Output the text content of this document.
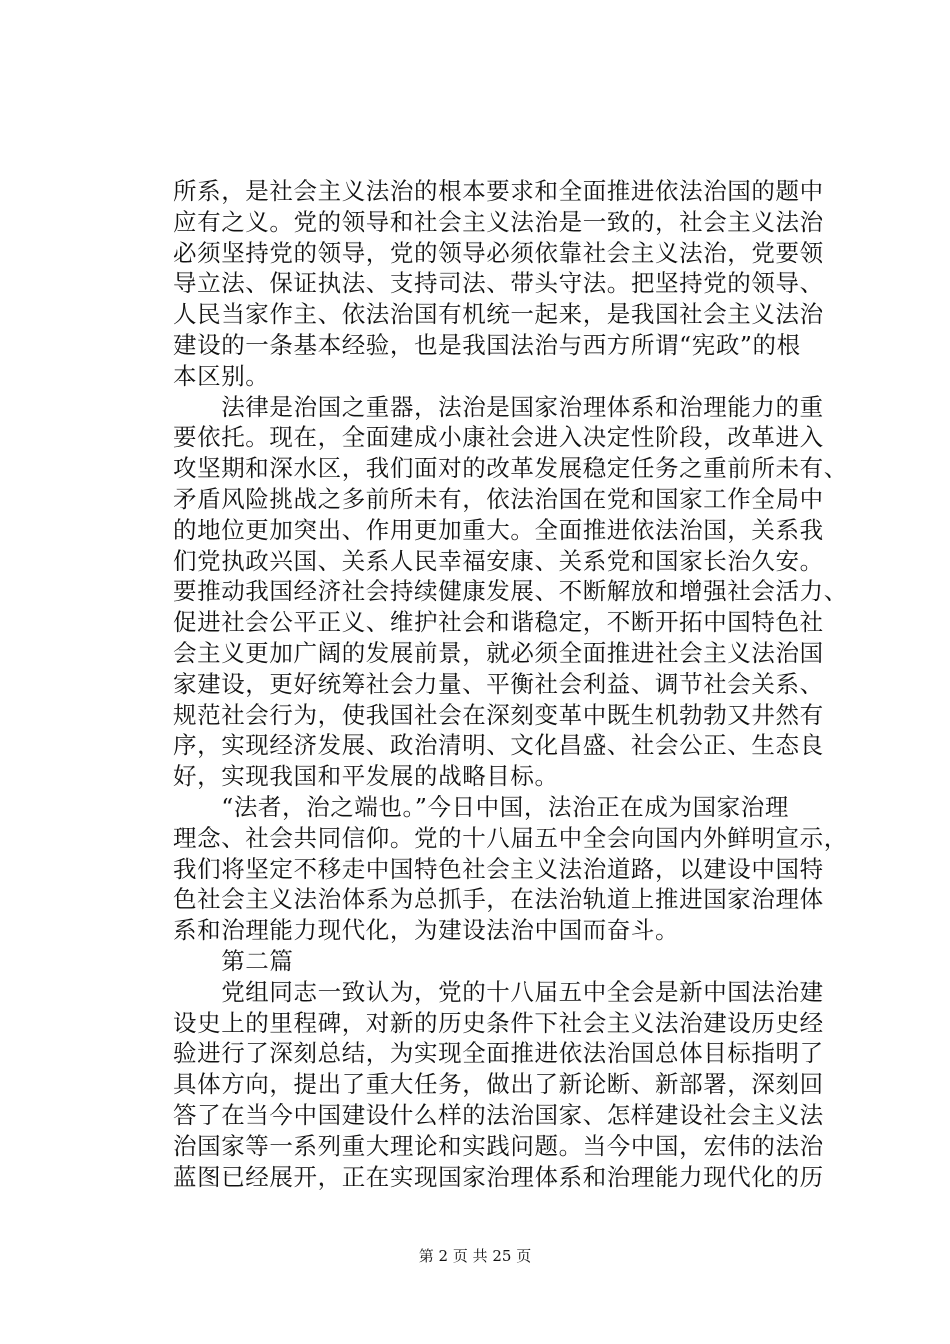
所系，是社会主义法治的根本要求和全面推进依法治国的题中
应有之义。党的领导和社会主义法治是一致的，社会主义法治
必须坚持党的领导，党的领导必须依靠社会主义法治，党要领
导立法、保证执法、支持司法、带头守法。把坚持党的领导、
人民当家作主、依法治国有机统一起来，是我国社会主义法治
建设的一条基本经验，也是我国法治与西方所谓“宪政”的根
本区别。
　　法律是治国之重器，法治是国家治理体系和治理能力的重
要依托。现在，全面建成小康社会进入决定性阶段，改革进入
攻坚期和深水区，我们面对的改革发展稳定任务之重前所未有、
矛盾风险挑战之多前所未有，依法治国在党和国家工作全局中
的地位更加突出、作用更加重大。全面推进依法治国，关系我
们党执政兴国、关系人民幸福安康、关系党和国家长治久安。
要推动我国经济社会持续健康发展、不断解放和增强社会活力、
促进社会公平正义、维护社会和谐稳定，不断开拓中国特色社
会主义更加广阔的发展前景，就必须全面推进社会主义法治国
家建设，更好统筹社会力量、平衡社会利益、调节社会关系、
规范社会行为，使我国社会在深刻变革中既生机勃勃又井然有
序，实现经济发展、政治清明、文化昌盛、社会公正、生态良
好，实现我国和平发展的战略目标。
　　“法者，治之端也。”今日中国，法治正在成为国家治理
理念、社会共同信仰。党的十八届五中全会向国内外鲜明宣示，
我们将坚定不移走中国特色社会主义法治道路，以建设中国特
色社会主义法治体系为总抓手，在法治轨道上推进国家治理体
系和治理能力现代化，为建设法治中国而奋斗。
　　第二篇
　　党组同志一致认为，党的十八届五中全会是新中国法治建
设史上的里程碑，对新的历史条件下社会主义法治建设历史经
验进行了深刻总结，为实现全面推进依法治国总体目标指明了
具体方向，提出了重大任务，做出了新论断、新部署，深刻回
答了在当今中国建设什么样的法治国家、怎样建设社会主义法
治国家等一系列重大理论和实践问题。当今中国，宏伟的法治
蓝图已经展开，正在实现国家治理体系和治理能力现代化的历
第 2 页 共 25 页
